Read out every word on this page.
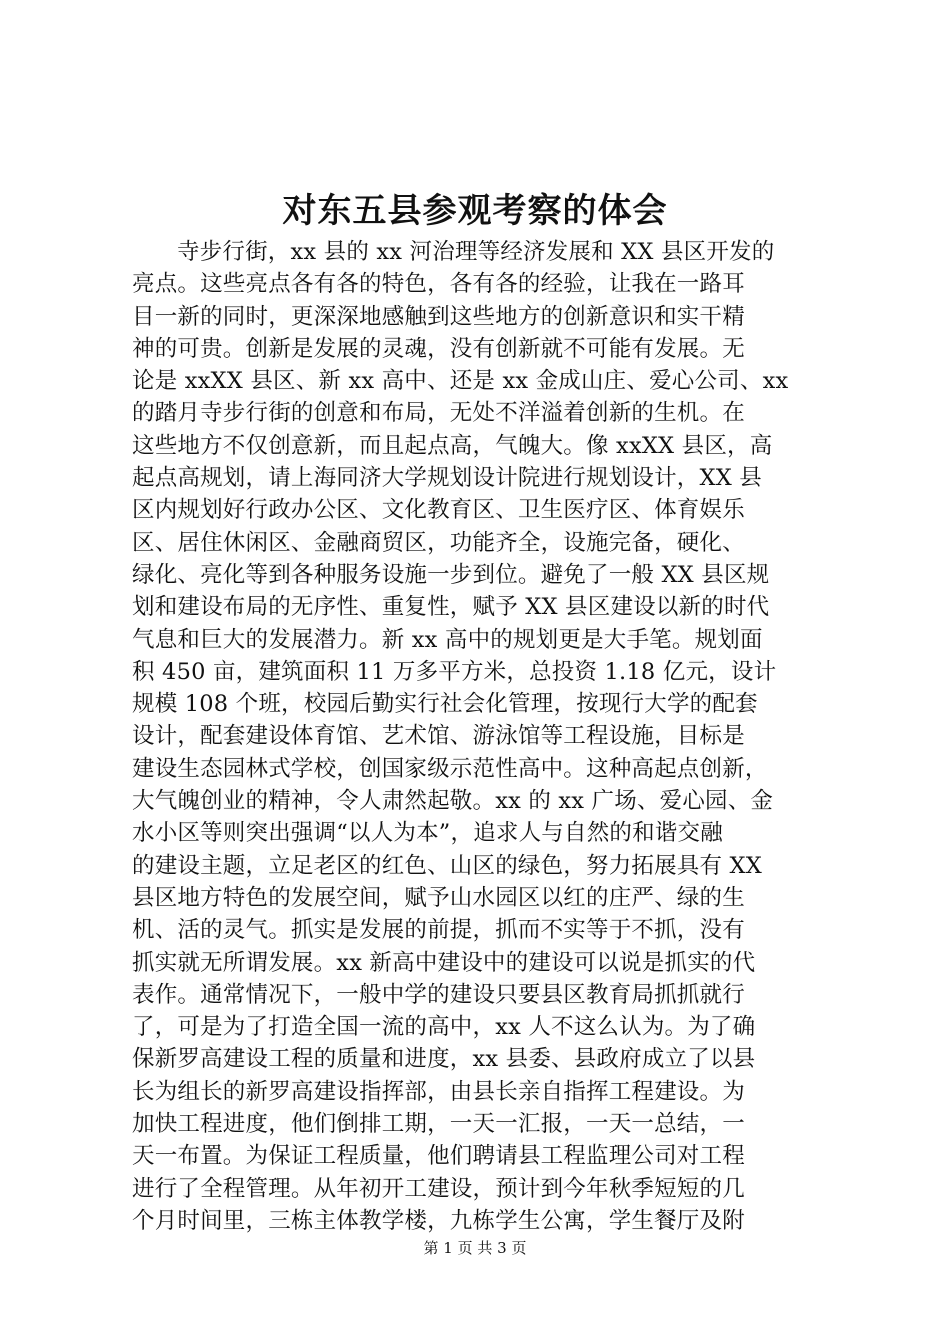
对东五县参观考察的体会
寺步行街，xx 县的 xx 河治理等经济发展和 XX 县区开发的
亮点。这些亮点各有各的特色，各有各的经验，让我在一路耳
目一新的同时，更深深地感触到这些地方的创新意识和实干精
神的可贵。创新是发展的灵魂，没有创新就不可能有发展。无
论是 xxXX 县区、新 xx 高中、还是 xx 金成山庄、爱心公司、xx
的踏月寺步行街的创意和布局，无处不洋溢着创新的生机。在
这些地方不仅创意新，而且起点高，气魄大。像 xxXX 县区，高
起点高规划，请上海同济大学规划设计院进行规划设计，XX 县
区内规划好行政办公区、文化教育区、卫生医疗区、体育娱乐
区、居住休闲区、金融商贸区，功能齐全，设施完备，硬化、
绿化、亮化等到各种服务设施一步到位。避免了一般 XX 县区规
划和建设布局的无序性、重复性，赋予 XX 县区建设以新的时代
气息和巨大的发展潜力。新 xx 高中的规划更是大手笔。规划面
积 450 亩，建筑面积 11 万多平方米，总投资 1.18 亿元，设计
规模 108 个班，校园后勤实行社会化管理，按现行大学的配套
设计，配套建设体育馆、艺术馆、游泳馆等工程设施，目标是
建设生态园林式学校，创国家级示范性高中。这种高起点创新，
大气魄创业的精神，令人肃然起敬。xx 的 xx 广场、爱心园、金
水小区等则突出强调“以人为本”，追求人与自然的和谐交融
的建设主题，立足老区的红色、山区的绿色，努力拓展具有 XX
县区地方特色的发展空间，赋予山水园区以红的庄严、绿的生
机、活的灵气。抓实是发展的前提，抓而不实等于不抓，没有
抓实就无所谓发展。xx 新高中建设中的建设可以说是抓实的代
表作。通常情况下，一般中学的建设只要县区教育局抓抓就行
了，可是为了打造全国一流的高中，xx 人不这么认为。为了确
保新罗高建设工程的质量和进度，xx 县委、县政府成立了以县
长为组长的新罗高建设指挥部，由县长亲自指挥工程建设。为
加快工程进度，他们倒排工期，一天一汇报，一天一总结，一
天一布置。为保证工程质量，他们聘请县工程监理公司对工程
进行了全程管理。从年初开工建设，预计到今年秋季短短的几
个月时间里，三栋主体教学楼，九栋学生公寓，学生餐厅及附
第 1 页 共 3 页
